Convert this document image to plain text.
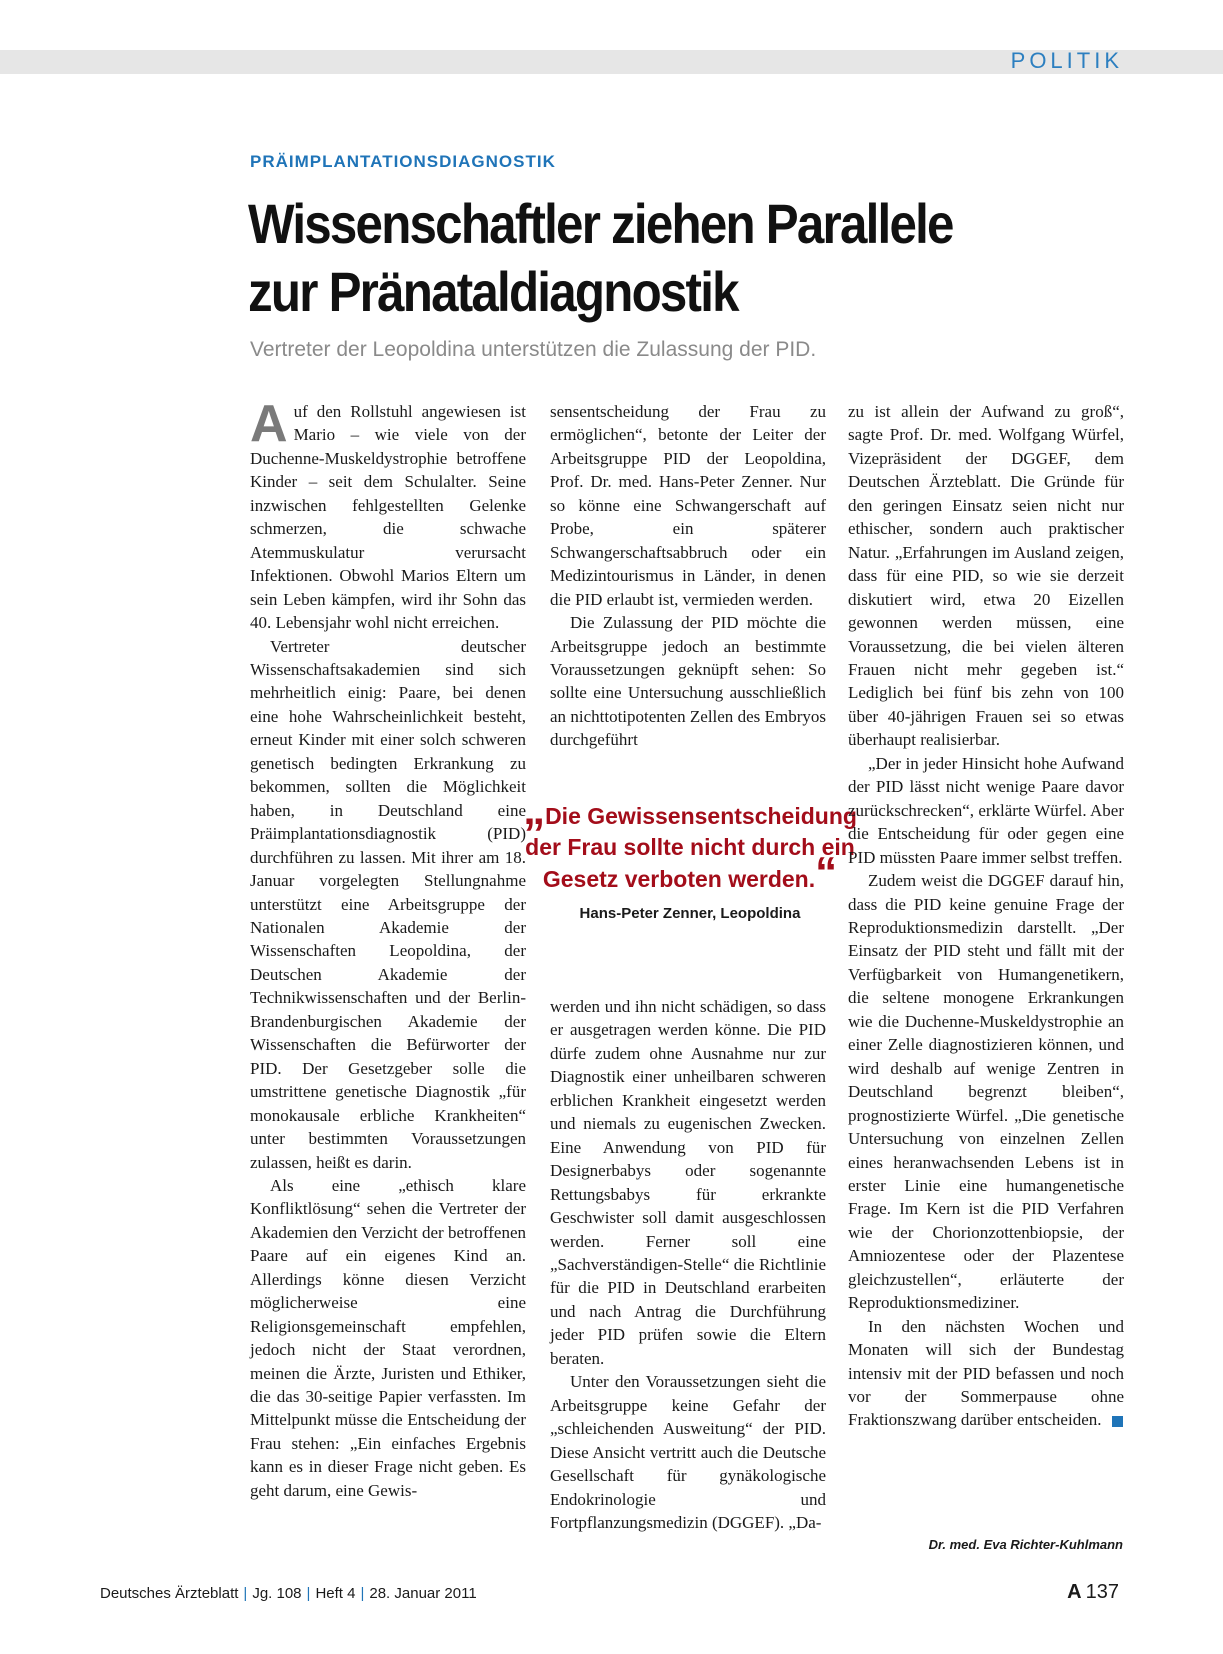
POLITIK
PRÄIMPLANTATIONSDIAGNOSTIK
Wissenschaftler ziehen Parallele
zur Pränataldiagnostik
Vertreter der Leopoldina unterstützen die Zulassung der PID.

Auf den Rollstuhl angewiesen ist Mario – wie viele von der Duchenne-Muskeldystrophie betroffene Kinder – seit dem Schulalter. Seine inzwischen fehlgestellten Gelenke schmerzen, die schwache Atemmuskulatur verursacht Infektionen. Obwohl Marios Eltern um sein Leben kämpfen, wird ihr Sohn das 40. Lebensjahr wohl nicht erreichen.

Vertreter deutscher Wissenschaftsakademien sind sich mehrheitlich einig: Paare, bei denen eine hohe Wahrscheinlichkeit besteht, erneut Kinder mit einer solch schweren genetisch bedingten Erkrankung zu bekommen, sollten die Möglichkeit haben, in Deutschland eine Präimplantationsdiagnostik (PID) durchführen zu lassen. Mit ihrer am 18. Januar vorgelegten Stellungnahme unterstützt eine Arbeitsgruppe der Nationalen Akademie der Wissenschaften Leopoldina, der Deutschen Akademie der Technikwissenschaften und der Berlin-Brandenburgischen Akademie der Wissenschaften die Befürworter der PID. Der Gesetzgeber solle die umstrittene genetische Diagnostik „für monokausale erbliche Krankheiten“ unter bestimmten Voraussetzungen zulassen, heißt es darin.

Als eine „ethisch klare Konfliktlösung“ sehen die Vertreter der Akademien den Verzicht der betroffenen Paare auf ein eigenes Kind an. Allerdings könne diesen Verzicht möglicherweise eine Religionsgemeinschaft empfehlen, jedoch nicht der Staat verordnen, meinen die Ärzte, Juristen und Ethiker, die das 30-seitige Papier verfassten. Im Mittelpunkt müsse die Entscheidung der Frau stehen: „Ein einfaches Ergebnis kann es in dieser Frage nicht geben. Es geht darum, eine Gewis-

sensentscheidung der Frau zu ermöglichen“, betonte der Leiter der Arbeitsgruppe PID der Leopoldina, Prof. Dr. med. Hans-Peter Zenner. Nur so könne eine Schwangerschaft auf Probe, ein späterer Schwangerschaftsabbruch oder ein Medizintourismus in Länder, in denen die PID erlaubt ist, vermieden werden.

Die Zulassung der PID möchte die Arbeitsgruppe jedoch an bestimmte Voraussetzungen geknüpft sehen: So sollte eine Untersuchung ausschließlich an nichttotipotenten Zellen des Embryos durchgeführt

„Die Gewissensentscheidung der Frau sollte nicht durch ein Gesetz verboten werden.“

Hans-Peter Zenner, Leopoldina

werden und ihn nicht schädigen, so dass er ausgetragen werden könne. Die PID dürfe zudem ohne Ausnahme nur zur Diagnostik einer unheilbaren schweren erblichen Krankheit eingesetzt werden und niemals zu eugenischen Zwecken. Eine Anwendung von PID für Designerbabys oder sogenannte Rettungsbabys für erkrankte Geschwister soll damit ausgeschlossen werden. Ferner soll eine „Sachverständigen-Stelle“ die Richtlinie für die PID in Deutschland erarbeiten und nach Antrag die Durchführung jeder PID prüfen sowie die Eltern beraten.

Unter den Voraussetzungen sieht die Arbeitsgruppe keine Gefahr der „schleichenden Ausweitung“ der PID. Diese Ansicht vertritt auch die Deutsche Gesellschaft für gynäkologische Endokrinologie und Fortpflanzungsmedizin (DGGEF). „Da-

zu ist allein der Aufwand zu groß“, sagte Prof. Dr. med. Wolfgang Würfel, Vizepräsident der DGGEF, dem Deutschen Ärzteblatt. Die Gründe für den geringen Einsatz seien nicht nur ethischer, sondern auch praktischer Natur. „Erfahrungen im Ausland zeigen, dass für eine PID, so wie sie derzeit diskutiert wird, etwa 20 Eizellen gewonnen werden müssen, eine Voraussetzung, die bei vielen älteren Frauen nicht mehr gegeben ist.“ Lediglich bei fünf bis zehn von 100 über 40-jährigen Frauen sei so etwas überhaupt realisierbar.

„Der in jeder Hinsicht hohe Aufwand der PID lässt nicht wenige Paare davor zurückschrecken“, erklärte Würfel. Aber die Entscheidung für oder gegen eine PID müssten Paare immer selbst treffen.

Zudem weist die DGGEF darauf hin, dass die PID keine genuine Frage der Reproduktionsmedizin darstellt. „Der Einsatz der PID steht und fällt mit der Verfügbarkeit von Humangenetikern, die seltene monogene Erkrankungen wie die Duchenne-Muskeldystrophie an einer Zelle diagnostizieren können, und wird deshalb auf wenige Zentren in Deutschland begrenzt bleiben“, prognostizierte Würfel. „Die genetische Untersuchung von einzelnen Zellen eines heranwachsenden Lebens ist in erster Linie eine humangenetische Frage. Im Kern ist die PID Verfahren wie der Chorionzottenbiopsie, der Amniozentese oder der Plazentese gleichzustellen“, erläuterte der Reproduktionsmediziner.

In den nächsten Wochen und Monaten will sich der Bundestag intensiv mit der PID befassen und noch vor der Sommerpause ohne Fraktionszwang darüber entscheiden.

Dr. med. Eva Richter-Kuhlmann
Deutsches Ärzteblatt | Jg. 108 | Heft 4 | 28. Januar 2011	A 137
